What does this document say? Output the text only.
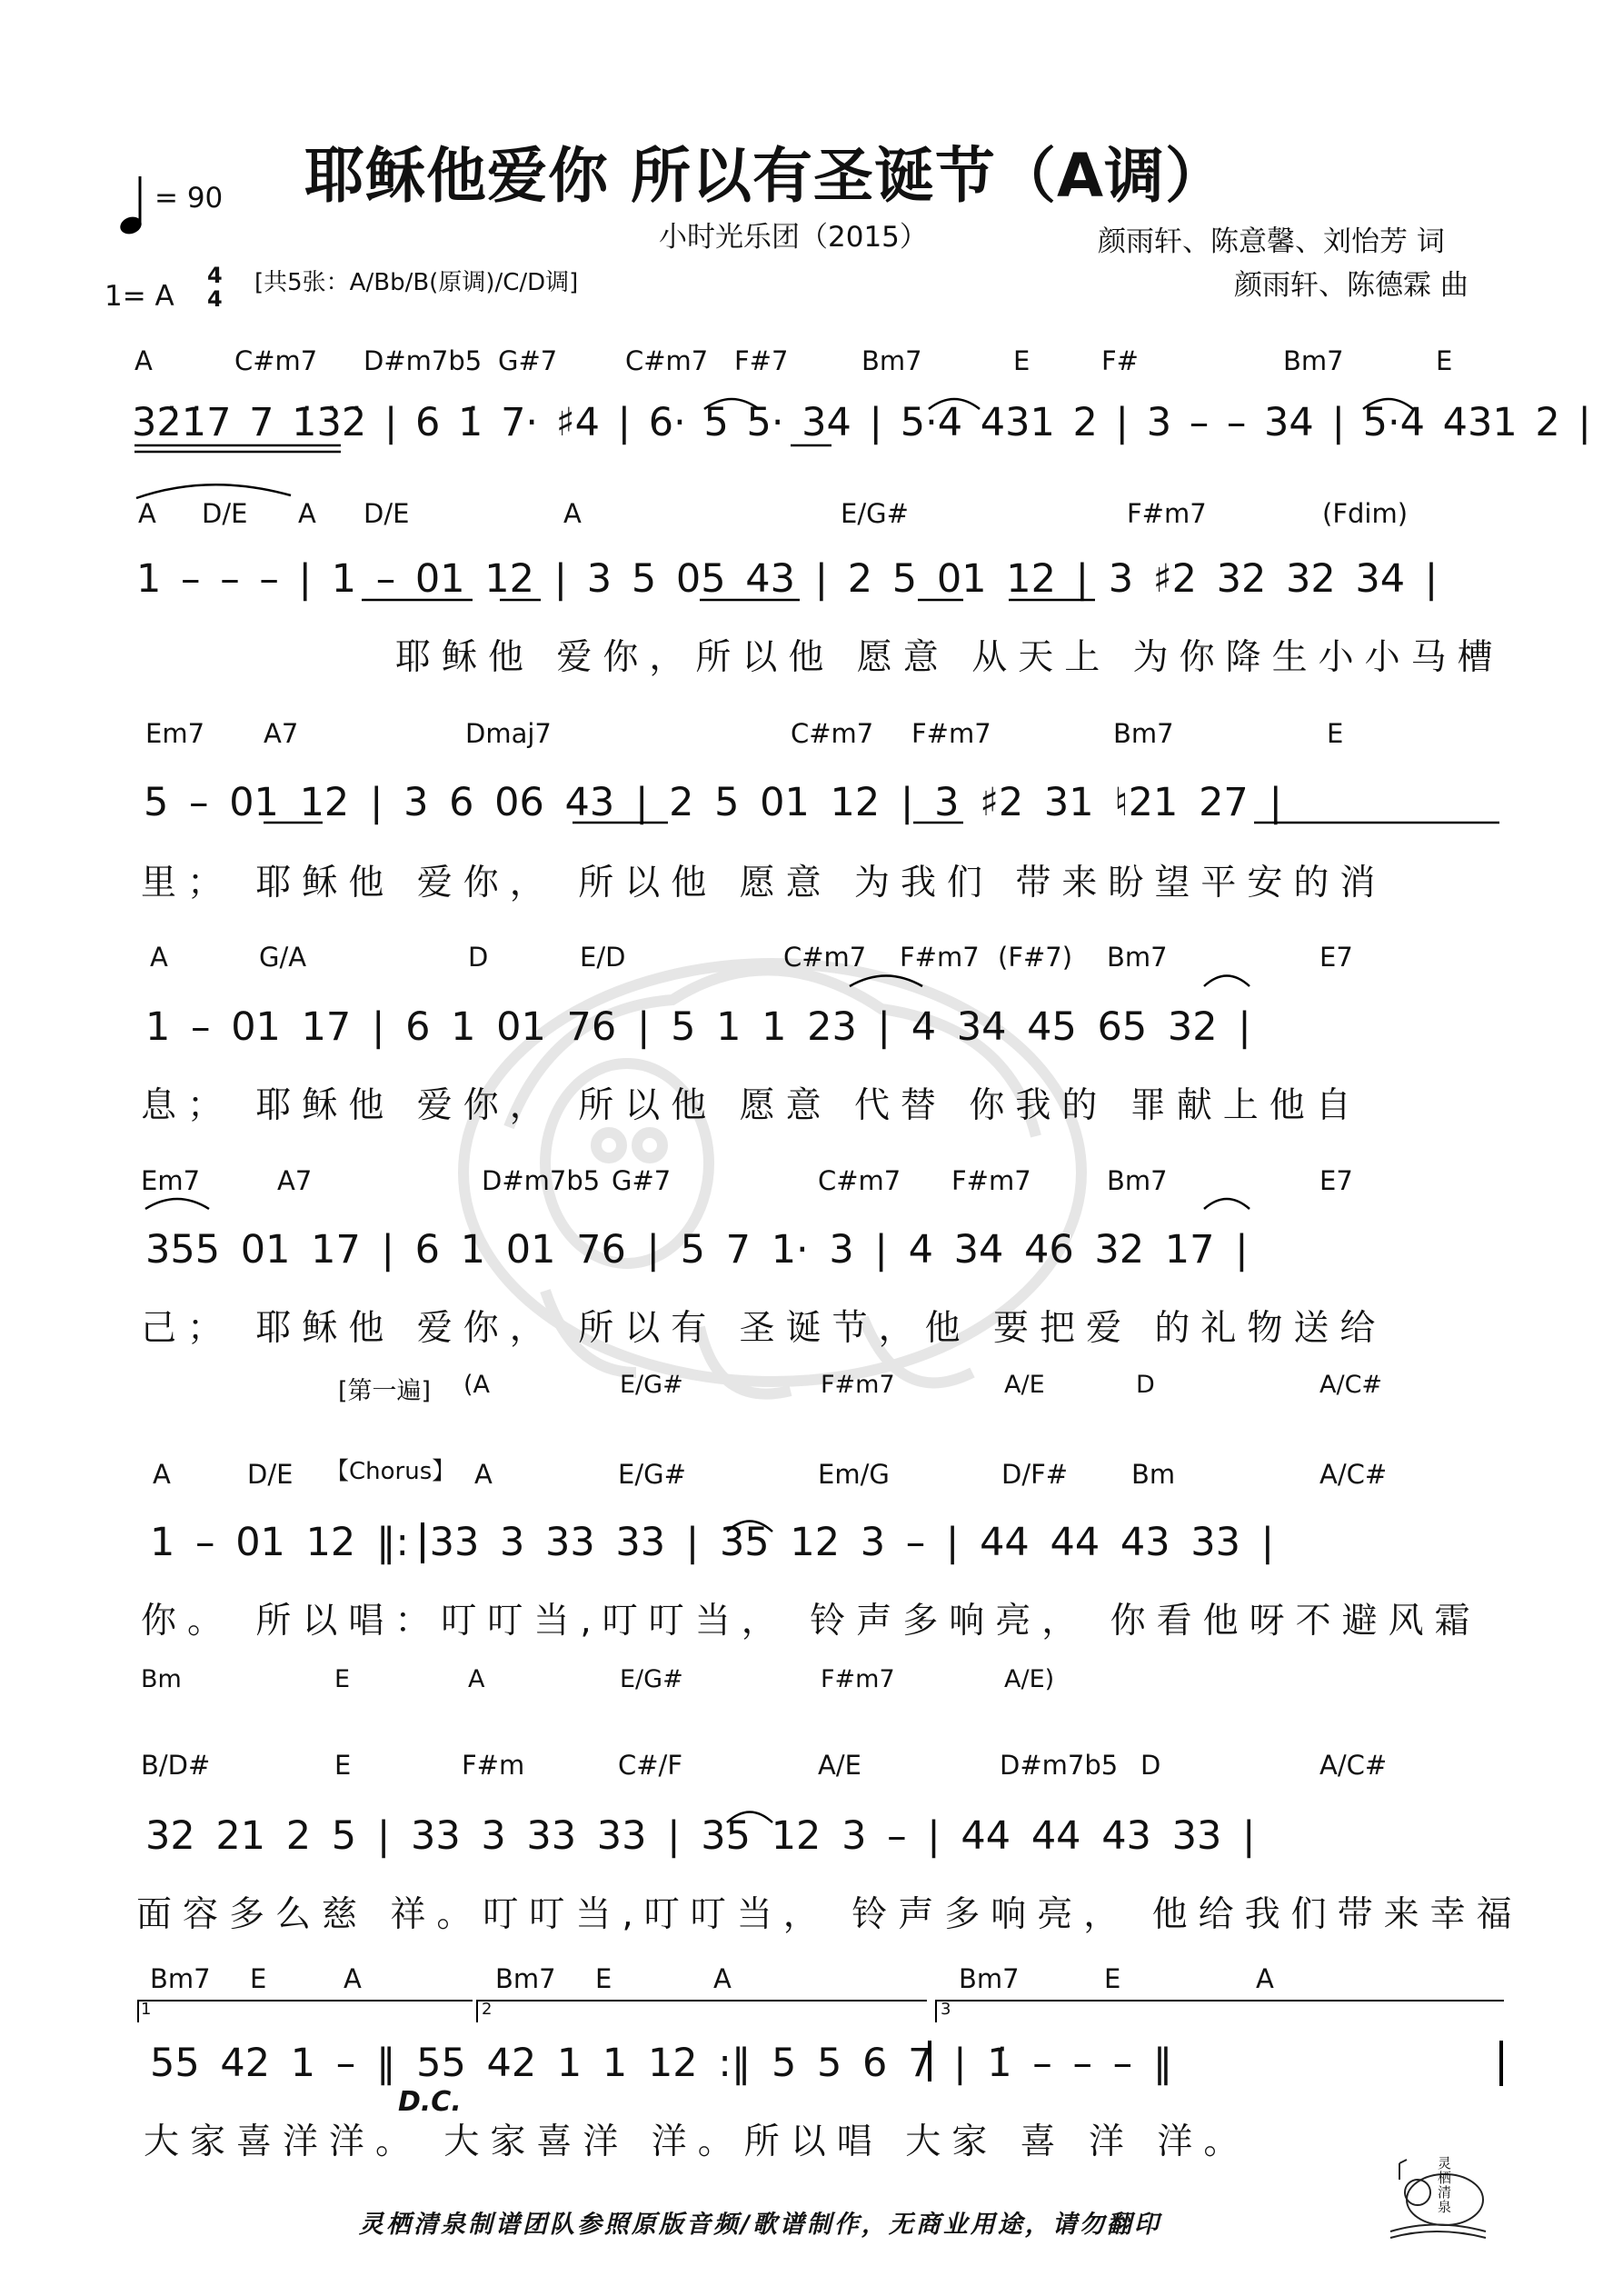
= 90 耶稣他爱你 所以有圣诞节（A调）
小时光乐团（2015）	颜雨轩、陈意馨、刘怡芳 词
颜雨轩、陈德霖 曲
1= A
4
4
[共5张：A/Bb/B(原调)/C/D调]
A	C#m7 D#m7b5 G#7	C#m7 F#7	Bm7	E	F#	Bm7	E
32̇1̇7 7 1̇3̇2̇ | 6 1̇ 7· ♯4 | 6· 5 5· 34 | 5·4 431 2 | 3 – – 34 | 5·4 431 2 |
A D/E A D/E	A	E/G#	F#m7	(Fdim)
1 – – – | 1 – 01 12 | 3 5 05 43 | 2 5 01 12 | 3 ♯2 32 32 34 |
耶稣他 爱你，所以他 愿意 从天上 为你降生小小马槽
Em7 A7	Dmaj7	C#m7 F#m7	Bm7	E
5 – 01 12 | 3 6 06 43 | 2 5 01 12 | 3 ♯2 31 ♮21 27 |
里； 耶稣他 爱你， 所以他 愿意 为我们 带来盼望平安的消
A	G/A	D	E/D	C#m7 F#m7 (F#7) Bm7	E7
1 – 01 17 | 6 1 01 76 | 5 1 1 23 | 4 34 45 65 32 |
息； 耶稣他 爱你， 所以他 愿意 代替 你我的 罪献上他自
Em7	A7	D#m7b5 G#7	C#m7 F#m7	Bm7	E7
355 01 17 | 6 1 01 76 | 5 7 1· 3 | 4 34 46 32 17 |
己； 耶稣他 爱你， 所以有 圣诞节，他 要把爱 的礼物送给
[第一遍] (A	E/G#	F#m7	A/E	D	A/C#
A	D/E	A	E/G#	Em/G	D/F# Bm	A/C#
【Chorus】
1 – 01 12 ‖: 33 3 33 33 | 35 12 3 – | 44 44 43 33 |
你。 所以唱：叮叮当,叮叮当， 铃声多响亮， 你看他呀不避风霜
Bm	E	A	E/G#	F#m7	A/E)
B/D#	E	F#m	C#/F	A/E	D#m7b5 D	A/C#
32 21 2 5 | 33 3 33 33 | 35 12 3 – | 44 44 43 33 |
面容多么慈 祥。叮叮当,叮叮当， 铃声多响亮， 他给我们带来幸福
Bm7 E	A	Bm7 E	A	Bm7	E	A
1	2	3
55 42 1 – ‖ 55 42 1 1 12 :‖ 5 5 6 7 | 1̇ – – – ‖
D.C.
大家喜洋洋。 大家喜洋 洋。所以唱 大家 喜 洋 洋。
灵栖清泉制谱团队参照原版音频/歌谱制作，无商业用途，请勿翻印
灵栖清泉
